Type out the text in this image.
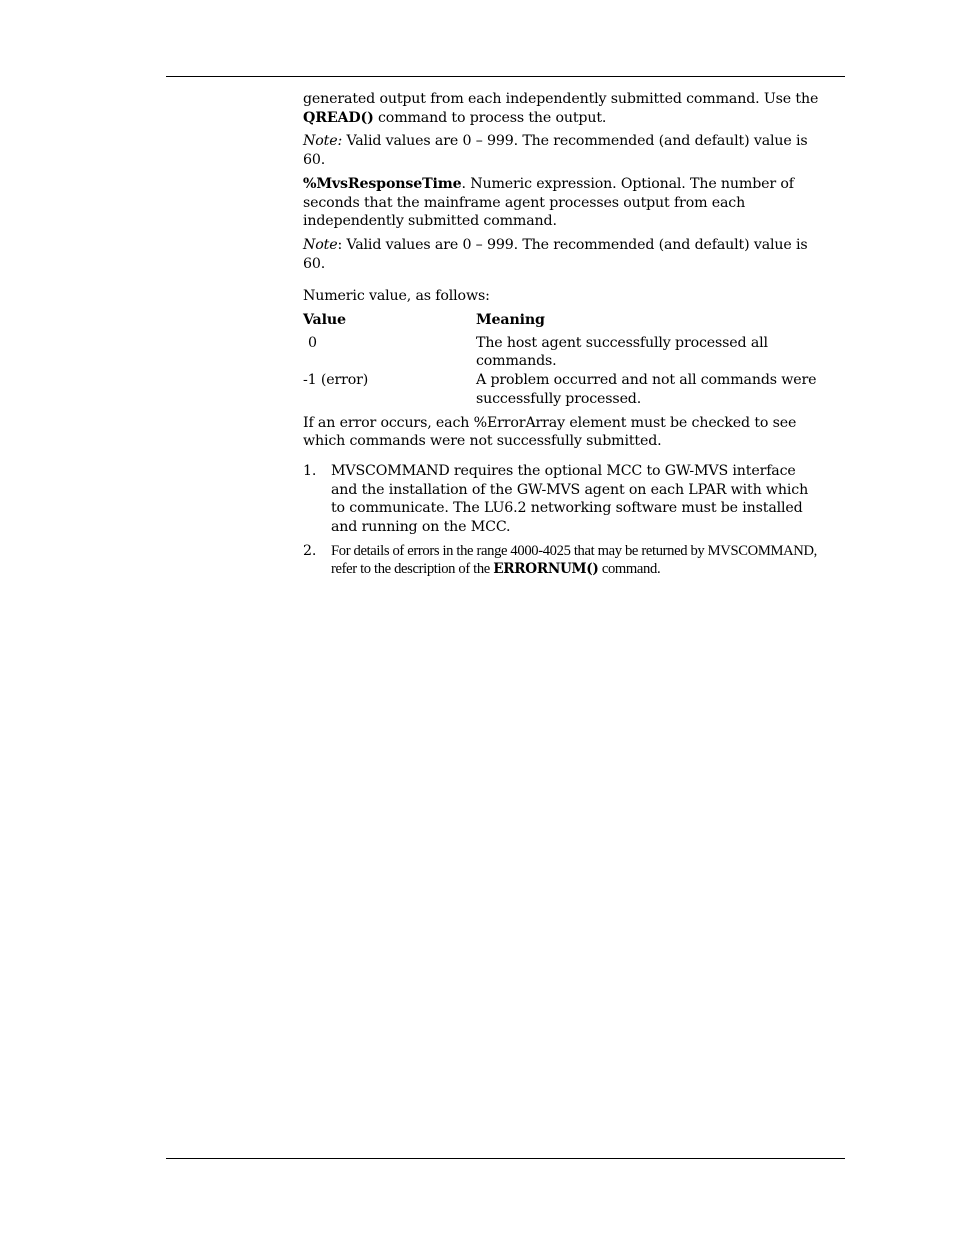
generated output from each independently submitted command. Use the QREAD() command to process the output.

Note: Valid values are 0 – 999. The recommended (and default) value is 60.

%MvsResponseTime. Numeric expression. Optional. The number of seconds that the mainframe agent processes output from each independently submitted command.

Note: Valid values are 0 – 999. The recommended (and default) value is 60.

Numeric value, as follows:

Value	Meaning
0	The host agent successfully processed all commands.
-1 (error)	A problem occurred and not all commands were successfully processed.

If an error occurs, each %ErrorArray element must be checked to see which commands were not successfully submitted.

1. MVSCOMMAND requires the optional MCC to GW-MVS interface and the installation of the GW-MVS agent on each LPAR with which to communicate. The LU6.2 networking software must be installed and running on the MCC.
2. For details of errors in the range 4000-4025 that may be returned by MVSCOMMAND, refer to the description of the ERRORNUM() command.
